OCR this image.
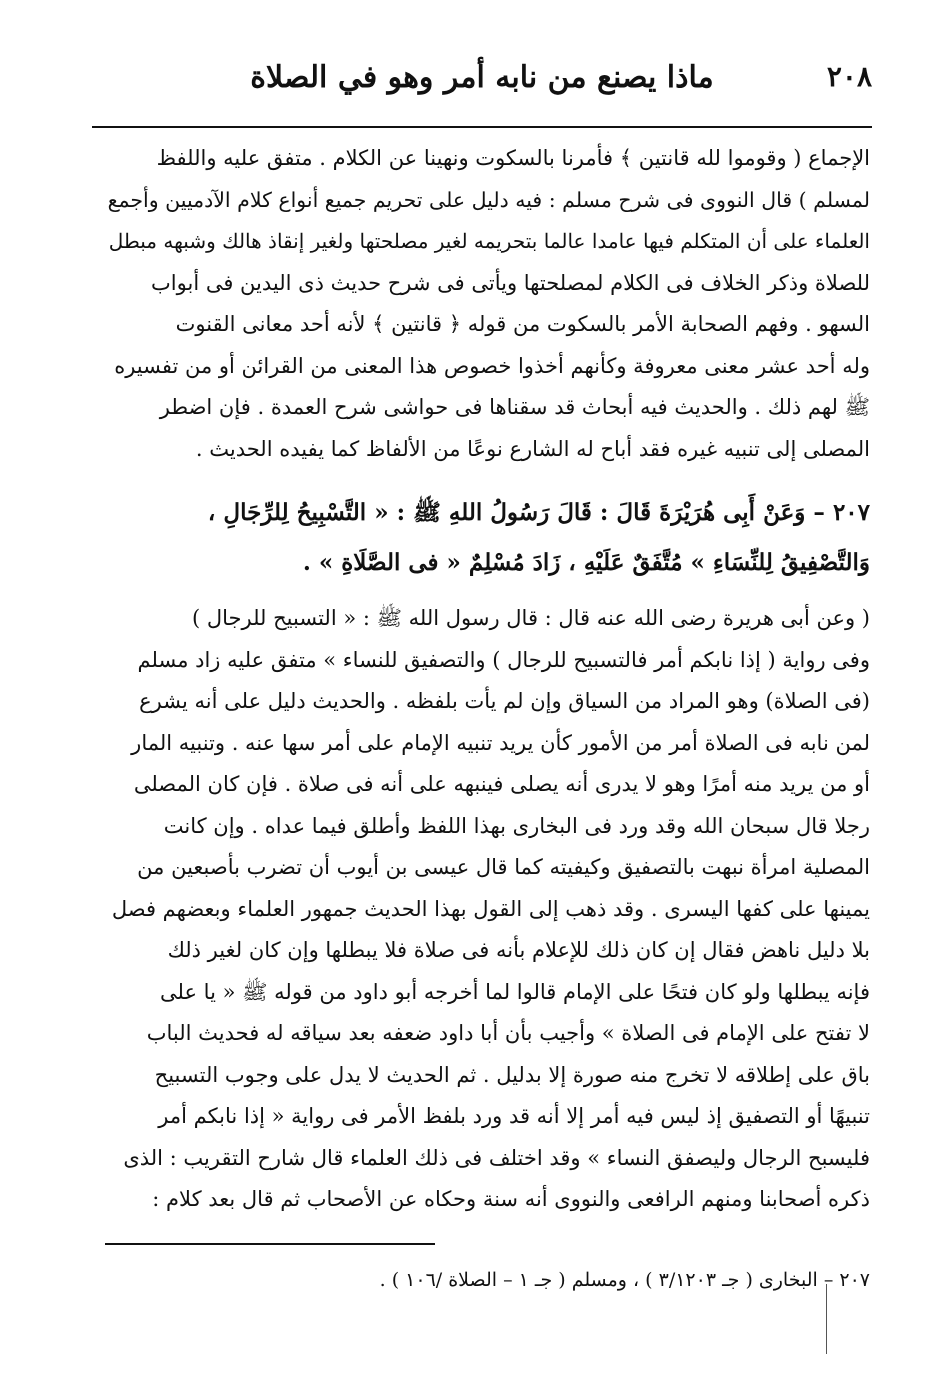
٢٠٨
ماذا يصنع من نابه أمر وهو في الصلاة
الإجماع ( وقوموا لله قانتين ﴾ فأمرنا بالسكوت ونهينا عن الكلام . متفق عليه واللفظ
لمسلم ) قال النووى فى شرح مسلم : فيه دليل على تحريم جميع أنواع كلام الآدميين وأجمع
العلماء على أن المتكلم فيها عامدا عالما بتحريمه لغير مصلحتها ولغير إنقاذ هالك وشبهه مبطل
للصلاة وذكر الخلاف فى الكلام لمصلحتها ويأتى فى شرح حديث ذى اليدين فى أبواب
السهو . وفهم الصحابة الأمر بالسكوت من قوله ﴿ قانتين ﴾ لأنه أحد معانى القنوت
وله أحد عشر معنى معروفة وكأنهم أخذوا خصوص هذا المعنى من القرائن أو من تفسيره
ﷺ لهم ذلك . والحديث فيه أبحاث قد سقناها فى حواشى شرح العمدة . فإن اضطر
المصلى إلى تنبيه غيره فقد أباح له الشارع نوعًا من الألفاظ كما يفيده الحديث .
٢٠٧ – وَعَنْ أَبِى هُرَيْرَةَ قَالَ : قَالَ رَسُولُ اللهِ ﷺ : « التَّسْبِيحُ لِلرِّجَالِ ،
وَالتَّصْفِيقُ لِلنِّسَاءِ » مُتَّفَقٌ عَلَيْهِ ، زَادَ مُسْلِمٌ « فى الصَّلَاةِ » .
( وعن أبى هريرة رضى الله عنه قال : قال رسول الله ﷺ : « التسبيح للرجال )
وفى رواية ( إذا نابكم أمر فالتسبيح للرجال ) والتصفيق للنساء » متفق عليه زاد مسلم
(فى الصلاة) وهو المراد من السياق وإن لم يأت بلفظه . والحديث دليل على أنه يشرع
لمن نابه فى الصلاة أمر من الأمور كأن يريد تنبيه الإمام على أمر سها عنه . وتنبيه المار
أو من يريد منه أمرًا وهو لا يدرى أنه يصلى فينبهه على أنه فى صلاة . فإن كان المصلى
رجلا قال سبحان الله وقد ورد فى البخارى بهذا اللفظ وأطلق فيما عداه . وإن كانت
المصلية امرأة نبهت بالتصفيق وكيفيته كما قال عيسى بن أيوب أن تضرب بأصبعين من
يمينها على كفها اليسرى . وقد ذهب إلى القول بهذا الحديث جمهور العلماء وبعضهم فصل
بلا دليل ناهض فقال إن كان ذلك للإعلام بأنه فى صلاة فلا يبطلها وإن كان لغير ذلك
فإنه يبطلها ولو كان فتحًا على الإمام قالوا لما أخرجه أبو داود من قوله ﷺ « يا على
لا تفتح على الإمام فى الصلاة » وأجيب بأن أبا داود ضعفه بعد سياقه له فحديث الباب
باق على إطلاقه لا تخرج منه صورة إلا بدليل . ثم الحديث لا يدل على وجوب التسبيح
تنبيهًا أو التصفيق إذ ليس فيه أمر إلا أنه قد ورد بلفظ الأمر فى رواية « إذا نابكم أمر
فليسبح الرجال وليصفق النساء » وقد اختلف فى ذلك العلماء قال شارح التقريب : الذى
ذكره أصحابنا ومنهم الرافعى والنووى أنه سنة وحكاه عن الأصحاب ثم قال بعد كلام :
٢٠٧ – البخارى ( جـ ٣/١٢٠٣ ) ، ومسلم ( جـ ١ – الصلاة /١٠٦ ) .
